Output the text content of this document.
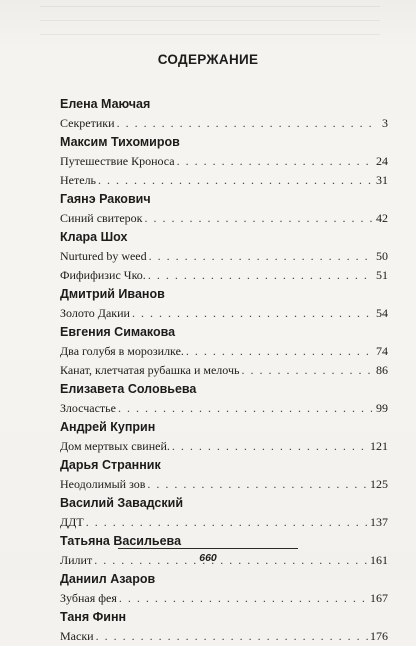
СОДЕРЖАНИЕ
Елена Маючая
Секретики . . .	3
Максим Тихомиров
Путешествие Кроноса . . .	24
Нетель . . .	31
Гаянэ Ракович
Синий свитерок . . .	42
Клара Шох
Nurtured by weed . . .	50
Фифифизис Чко. . . .	51
Дмитрий Иванов
Золото Дакии . . .	54
Евгения Симакова
Два голубя в морозилке. . . .	74
Канат, клетчатая рубашка и мелочь . . .	86
Елизавета Соловьева
Злосчастье . . .	99
Андрей Куприн
Дом мертвых свиней. . . .	121
Дарья Странник
Неодолимый зов . . .	125
Василий Завадский
ДДТ . . .	137
Татьяна Васильева
Лилит . . .	161
Даниил Азаров
Зубная фея . . .	167
Таня Финн
Маски . . .	176
660
